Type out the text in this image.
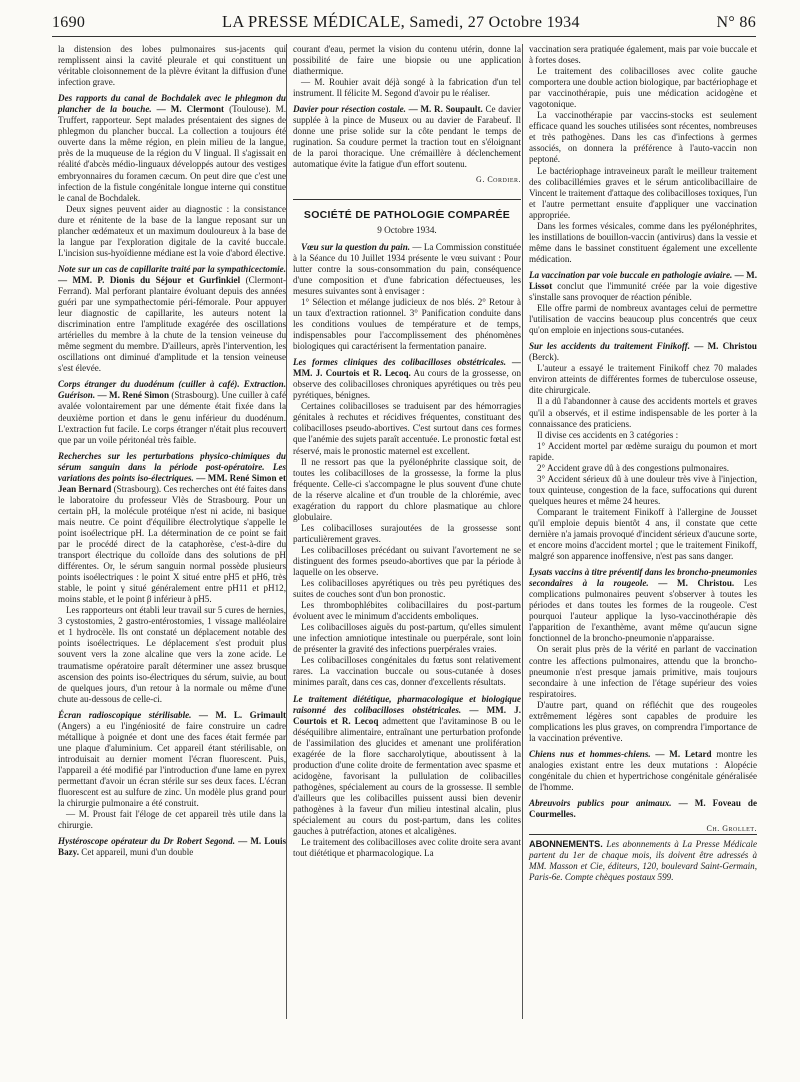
1690	LA PRESSE MÉDICALE, Samedi, 27 Octobre 1934	N° 86

la distension des lobes pulmonaires sus-jacents qui remplissent ainsi la cavité pleurale et qui constituent un véritable cloisonnement de la plèvre évitant la diffusion d'une infection grave.

Des rapports du canal de Bochdalek avec le phlegmon du plancher de la bouche. — M. Clermont (Toulouse). M. Truffert, rapporteur. Sept malades présentaient des signes de phlegmon du plancher buccal. La collection a toujours été ouverte dans la même région, en plein milieu de la langue, près de la muqueuse de la région du V lingual. Il s'agissait en réalité d'abcès médio-linguaux développés autour des vestiges embryonnaires du foramen cæcum. On peut dire que c'est une infection de la fistule congénitale longue interne qui constitue le canal de Bochdalek.

Deux signes peuvent aider au diagnostic : la consistance dure et rénitente de la base de la langue reposant sur un plancher œdémateux et un maximum douloureux à la base de la langue par l'exploration digitale de la cavité buccale. L'incision sus-hyoïdienne médiane est la voie d'abord élective.

Note sur un cas de capillarite traité par la sympathicectomie. — MM. P. Dionis du Séjour et Gurfinkiel (Clermont-Ferrand). Mal perforant plantaire évoluant depuis des années guéri par une sympathectomie péri-fémorale. Pour appuyer leur diagnostic de capillarite, les auteurs notent la discrimination entre l'amplitude exagérée des oscillations artérielles du membre à la chute de la tension veineuse du même segment du membre. D'ailleurs, après l'intervention, les oscillations ont diminué d'amplitude et la tension veineuse s'est élevée.

Corps étranger du duodénum (cuiller à café). Extraction. Guérison. — M. René Simon (Strasbourg). Une cuiller à café avalée volontairement par une démente était fixée dans la deuxième portion et dans le genu inférieur du duodénum. L'extraction fut facile. Le corps étranger n'était plus recouvert que par un voile péritonéal très faible.

Recherches sur les perturbations physico-chimiques du sérum sanguin dans la période post-opératoire. Les variations des points iso-électriques. — MM. René Simon et Jean Bernard (Strasbourg). Ces recherches ont été faites dans le laboratoire du professeur Vlès de Strasbourg. Pour un certain pH, la molécule protéique n'est ni acide, ni basique mais neutre. Ce point d'équilibre électrolytique s'appelle le point isoélectrique pH. La détermination de ce point se fait par le procédé direct de la cataphorèse, c'est-à-dire du transport électrique du colloïde dans des solutions de pH différentes. Or, le sérum sanguin normal possède plusieurs points isoélectriques : le point X situé entre pH5 et pH6, très stable, le point γ situé généralement entre pH11 et pH12, moins stable, et le point β inférieur à pH5.

Les rapporteurs ont établi leur travail sur 5 cures de hernies, 3 cystostomies, 2 gastro-entérostomies, 1 vissage malléolaire et 1 hydrocèle. Ils ont constaté un déplacement notable des points isoélectriques. Le déplacement s'est produit plus souvent vers la zone alcaline que vers la zone acide. Le traumatisme opératoire paraît déterminer une assez brusque ascension des points iso-électriques du sérum, suivie, au bout de quelques jours, d'un retour à la normale ou même d'une chute au-dessous de celle-ci.

Écran radioscopique stérilisable. — M. L. Grimault (Angers) a eu l'ingéniosité de faire construire un cadre métallique à poignée et dont une des faces était fermée par une plaque d'aluminium. Cet appareil étant stérilisable, on introduisait au dernier moment l'écran fluorescent. Puis, l'appareil a été modifié par l'introduction d'une lame en pyrex permettant d'avoir un écran stérile sur ses deux faces. L'écran fluorescent est au sulfure de zinc. Un modèle plus grand pour la chirurgie pulmonaire a été construit.

— M. Proust fait l'éloge de cet appareil très utile dans la chirurgie.

Hystéroscope opérateur du Dr Robert Segond. — M. Louis Bazy. Cet appareil, muni d'un double

courant d'eau, permet la vision du contenu utérin, donne la possibilité de faire une biopsie ou une application diathermique.

— M. Rouhier avait déjà songé à la fabrication d'un tel instrument. Il félicite M. Segond d'avoir pu le réaliser.

Davier pour résection costale. — M. R. Soupault. Ce davier supplée à la pince de Museux ou au davier de Farabeuf. Il donne une prise solide sur la côte pendant le temps de rugination. Sa coudure permet la traction tout en s'éloignant de la paroi thoracique. Une crémaillère à déclenchement automatique évite la fatigue d'un effort soutenu.

G. Cordier.
SOCIÉTÉ DE PATHOLOGIE COMPARÉE
9 Octobre 1934.

Vœu sur la question du pain. — La Commission constituée à la Séance du 10 Juillet 1934 présente le vœu suivant : Pour lutter contre la sous-consommation du pain, conséquence d'une composition et d'une fabrication défectueuses, les mesures suivantes sont à envisager :

1° Sélection et mélange judicieux de nos blés. 2° Retour à un taux d'extraction rationnel. 3° Panification conduite dans les conditions voulues de température et de temps, indispensables pour l'accomplissement des phénomènes biologiques qui caractérisent la fermentation panaire.

Les formes cliniques des colibacilloses obstétricales. — MM. J. Courtois et R. Lecoq. Au cours de la grossesse, on observe des colibacilloses chroniques apyrétiques ou très peu pyrétiques, bénignes.

Certaines colibacilloses se traduisent par des hémorragies génitales à rechutes et récidives fréquentes, constituant des colibacilloses pseudo-abortives. C'est surtout dans ces formes que l'anémie des sujets paraît accentuée. Le pronostic fœtal est réservé, mais le pronostic maternel est excellent.

Il ne ressort pas que la pyélonéphrite classique soit, de toutes les colibacilloses de la grossesse, la forme la plus fréquente. Celle-ci s'accompagne le plus souvent d'une chute de la réserve alcaline et d'un trouble de la chlorémie, avec exagération du rapport du chlore plasmatique au chlore globulaire.

Les colibacilloses surajoutées de la grossesse sont particulièrement graves.

Les colibacilloses précédant ou suivant l'avortement ne se distinguent des formes pseudo-abortives que par la période à laquelle on les observe.

Les colibacilloses apyrétiques ou très peu pyrétiques des suites de couches sont d'un bon pronostic.

Les thrombophlébites colibacillaires du post-partum évoluent avec le minimum d'accidents emboliques.

Les colibacilloses aiguës du post-partum, qu'elles simulent une infection amniotique intestinale ou puerpérale, sont loin de présenter la gravité des infections puerpérales vraies.

Les colibacilloses congénitales du fœtus sont relativement rares. La vaccination buccale ou sous-cutanée à doses minimes paraît, dans ces cas, donner d'excellents résultats.

Le traitement diététique, pharmacologique et biologique raisonné des colibacilloses obstétricales. — MM. J. Courtois et R. Lecoq admettent que l'avitaminose B ou le déséquilibre alimentaire, entraînant une perturbation profonde de l'assimilation des glucides et amenant une prolifération exagérée de la flore saccharolytique, aboutissent à la production d'une colite droite de fermentation avec spasme et acidogène, favorisant la pullulation de colibacilles pathogènes, spécialement au cours de la grossesse. Il semble d'ailleurs que les colibacilles puissent aussi bien devenir pathogènes à la faveur d'un milieu intestinal alcalin, plus spécialement au cours du post-partum, dans les colites gauches à putréfaction, atones et alcaligènes.

Le traitement des colibacilloses avec colite droite sera avant tout diététique et pharmacologique. La

vaccination sera pratiquée également, mais par voie buccale et à fortes doses.

Le traitement des colibacilloses avec colite gauche comportera une double action biologique, par bactériophage et par vaccinothérapie, puis une médication acidogène et vagotonique.

La vaccinothérapie par vaccins-stocks est seulement efficace quand les souches utilisées sont récentes, nombreuses et très pathogènes. Dans les cas d'infections à germes associés, on donnera la préférence à l'auto-vaccin non peptoné.

Le bactériophage intraveineux paraît le meilleur traitement des colibacillémies graves et le sérum anticolibacillaire de Vincent le traitement d'attaque des colibacilloses toxiques, l'un et l'autre permettant ensuite d'appliquer une vaccination appropriée.

Dans les formes vésicales, comme dans les pyélonéphrites, les instillations de bouillon-vaccin (antivirus) dans la vessie et même dans le bassinet constituent également une excellente médication.

La vaccination par voie buccale en pathologie aviaire. — M. Lissot conclut que l'immunité créée par la voie digestive s'installe sans provoquer de réaction pénible.

Elle offre parmi de nombreux avantages celui de permettre l'utilisation de vaccins beaucoup plus concentrés que ceux qu'on emploie en injections sous-cutanées.

Sur les accidents du traitement Finikoff. — M. Christou (Berck).

L'auteur a essayé le traitement Finikoff chez 70 malades environ atteints de différentes formes de tuberculose osseuse, dite chirurgicale.

Il a dû l'abandonner à cause des accidents mortels et graves qu'il a observés, et il estime indispensable de les porter à la connaissance des praticiens.

Il divise ces accidents en 3 catégories :

1° Accident mortel par œdème suraigu du poumon et mort rapide.

2° Accident grave dû à des congestions pulmonaires.

3° Accident sérieux dû à une douleur très vive à l'injection, toux quinteuse, congestion de la face, suffocations qui durent quelques heures et même 24 heures.

Comparant le traitement Finikoff à l'allergine de Jousset qu'il emploie depuis bientôt 4 ans, il constate que cette dernière n'a jamais provoqué d'incident sérieux d'aucune sorte, et encore moins d'accident mortel ; que le traitement Finikoff, malgré son apparence inoffensive, n'est pas sans danger.

Lysats vaccins à titre préventif dans les broncho-pneumonies secondaires à la rougeole. — M. Christou. Les complications pulmonaires peuvent s'observer à toutes les périodes et dans toutes les formes de la rougeole. C'est pourquoi l'auteur applique la lyso-vaccinothérapie dès l'apparition de l'exanthème, avant même qu'aucun signe fonctionnel de la broncho-pneumonie n'apparaisse.

On serait plus près de la vérité en parlant de vaccination contre les affections pulmonaires, attendu que la broncho-pneumonie n'est presque jamais primitive, mais toujours secondaire à une infection de l'étage supérieur des voies respiratoires.

D'autre part, quand on réfléchit que des rougeoles extrêmement légères sont capables de produire les complications les plus graves, on comprendra l'importance de la vaccination préventive.

Chiens nus et hommes-chiens. — M. Letard montre les analogies existant entre les deux mutations : Alopécie congénitale du chien et hypertrichose congénitale généralisée de l'homme.

Abreuvoirs publics pour animaux. — M. Foveau de Courmelles.

Ch. Grollet.

ABONNEMENTS. Les abonnements à La Presse Médicale partent du 1er de chaque mois, ils doivent être adressés à MM. Masson et Cie, éditeurs, 120, boulevard Saint-Germain, Paris-6e. Compte chèques postaux 599.
